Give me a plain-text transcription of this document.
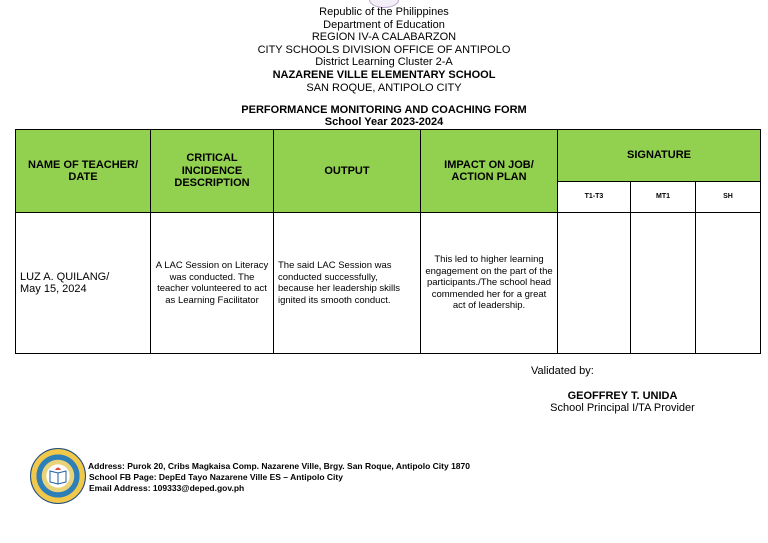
Republic of the Philippines
Department of Education
REGION IV-A CALABARZON
CITY SCHOOLS DIVISION OFFICE OF ANTIPOLO
District Learning Cluster 2-A
NAZARENE VILLE ELEMENTARY SCHOOL
SAN ROQUE, ANTIPOLO CITY
PERFORMANCE MONITORING AND COACHING FORM
School Year 2023-2024
NAME OF TEACHER/ DATE	CRITICAL INCIDENCE DESCRIPTION	OUTPUT	IMPACT ON JOB/ ACTION PLAN	SIGNATURE		
				T1-T3	MT1	SH

LUZ A. QUILANG/
May 15, 2024	A LAC Session on Literacy was conducted. The teacher volunteered to act as Learning Facilitator	The said LAC Session was conducted successfully, because her leadership skills ignited its smooth conduct.	This led to higher learning engagement on the part of the participants./The school head commended her for a great act of leadership.			
Validated by:
GEOFFREY T. UNIDA
School Principal I/TA Provider
Address: Purok 20, Cribs Magkaisa Comp. Nazarene Ville, Brgy. San Roque, Antipolo City 1870
School FB Page: DepEd Tayo Nazarene Ville ES – Antipolo City
Email Address: 109333@deped.gov.ph
